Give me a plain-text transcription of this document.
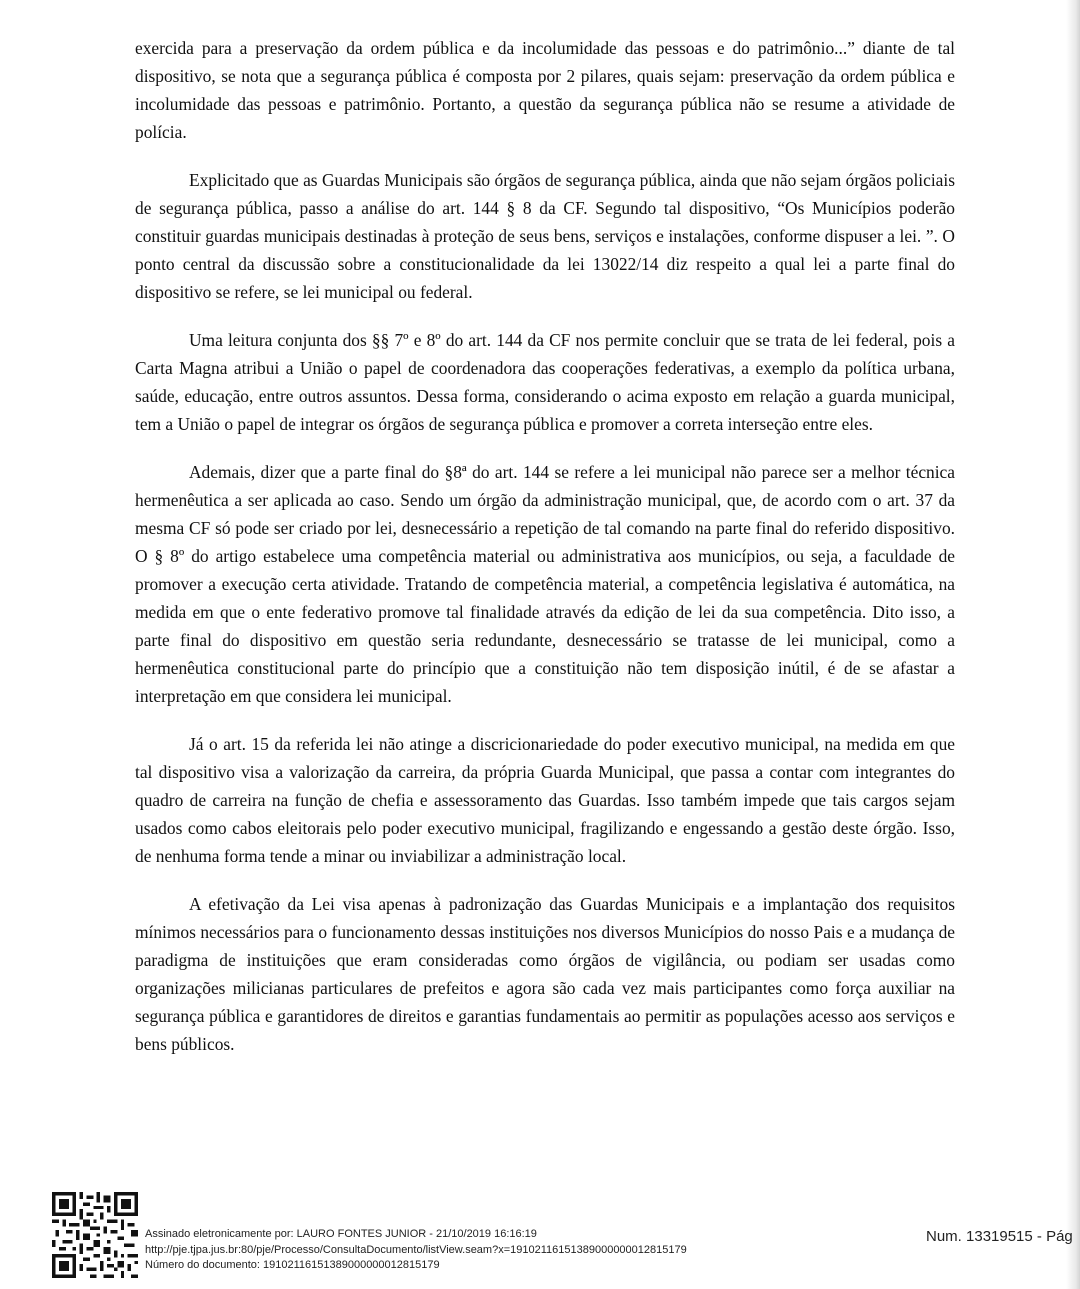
exercida para a preservação da ordem pública e da incolumidade das pessoas e do patrimônio...” diante de tal dispositivo, se nota que a segurança pública é composta por 2 pilares, quais sejam: preservação da ordem pública e incolumidade das pessoas e patrimônio. Portanto, a questão da segurança pública não se resume a atividade de polícia.

Explicitado que as Guardas Municipais são órgãos de segurança pública, ainda que não sejam órgãos policiais de segurança pública, passo a análise do art. 144 § 8 da CF. Segundo tal dispositivo, “Os Municípios poderão constituir guardas municipais destinadas à proteção de seus bens, serviços e instalações, conforme dispuser a lei. ”. O ponto central da discussão sobre a constitucionalidade da lei 13022/14 diz respeito a qual lei a parte final do dispositivo se refere, se lei municipal ou federal.

Uma leitura conjunta dos §§ 7º e 8º do art. 144 da CF nos permite concluir que se trata de lei federal, pois a Carta Magna atribui a União o papel de coordenadora das cooperações federativas, a exemplo da política urbana, saúde, educação, entre outros assuntos. Dessa forma, considerando o acima exposto em relação a guarda municipal, tem a União o papel de integrar os órgãos de segurança pública e promover a correta interseção entre eles.

Ademais, dizer que a parte final do §8ª do art. 144 se refere a lei municipal não parece ser a melhor técnica hermenêutica a ser aplicada ao caso. Sendo um órgão da administração municipal, que, de acordo com o art. 37 da mesma CF só pode ser criado por lei, desnecessário a repetição de tal comando na parte final do referido dispositivo. O § 8º do artigo estabelece uma competência material ou administrativa aos municípios, ou seja, a faculdade de promover a execução certa atividade. Tratando de competência material, a competência legislativa é automática, na medida em que o ente federativo promove tal finalidade através da edição de lei da sua competência. Dito isso, a parte final do dispositivo em questão seria redundante, desnecessário se tratasse de lei municipal, como a hermenêutica constitucional parte do princípio que a constituição não tem disposição inútil, é de se afastar a interpretação em que considera lei municipal.

Já o art. 15 da referida lei não atinge a discricionariedade do poder executivo municipal, na medida em que tal dispositivo visa a valorização da carreira, da própria Guarda Municipal, que passa a contar com integrantes do quadro de carreira na função de chefia e assessoramento das Guardas. Isso também impede que tais cargos sejam usados como cabos eleitorais pelo poder executivo municipal, fragilizando e engessando a gestão deste órgão. Isso, de nenhuma forma tende a minar ou inviabilizar a administração local.

A efetivação da Lei visa apenas à padronização das Guardas Municipais e a implantação dos requisitos mínimos necessários para o funcionamento dessas instituições nos diversos Municípios do nosso Pais e a mudança de paradigma de instituições que eram consideradas como órgãos de vigilância, ou podiam ser usadas como organizações milicianas particulares de prefeitos e agora são cada vez mais participantes como força auxiliar na segurança pública e garantidores de direitos e garantias fundamentais ao permitir as populações acesso aos serviços e bens públicos.

Assinado eletronicamente por: LAURO FONTES JUNIOR - 21/10/2019 16:16:19
http://pje.tjpa.jus.br:80/pje/Processo/ConsultaDocumento/listView.seam?x=19102116151389000000012815179
Número do documento: 19102116151389000000012815179
Num. 13319515 - Pág
